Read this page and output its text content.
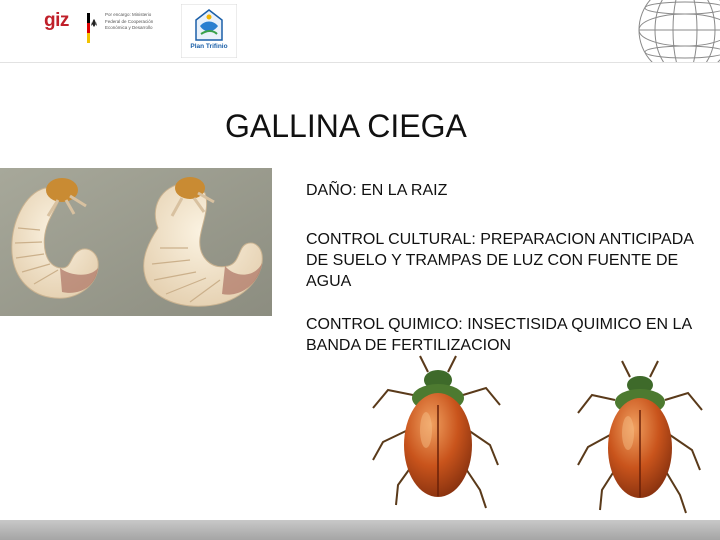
giz	Por encargo: Ministerio Federal de Cooperación Económica y Desarrollo
Plan Trifinio
GALLINA CIEGA

DAÑO: EN LA RAIZ

CONTROL CULTURAL: PREPARACION ANTICIPADA DE SUELO Y TRAMPAS DE LUZ CON FUENTE DE AGUA

CONTROL QUIMICO: INSECTISIDA QUIMICO EN LA BANDA DE FERTILIZACION
